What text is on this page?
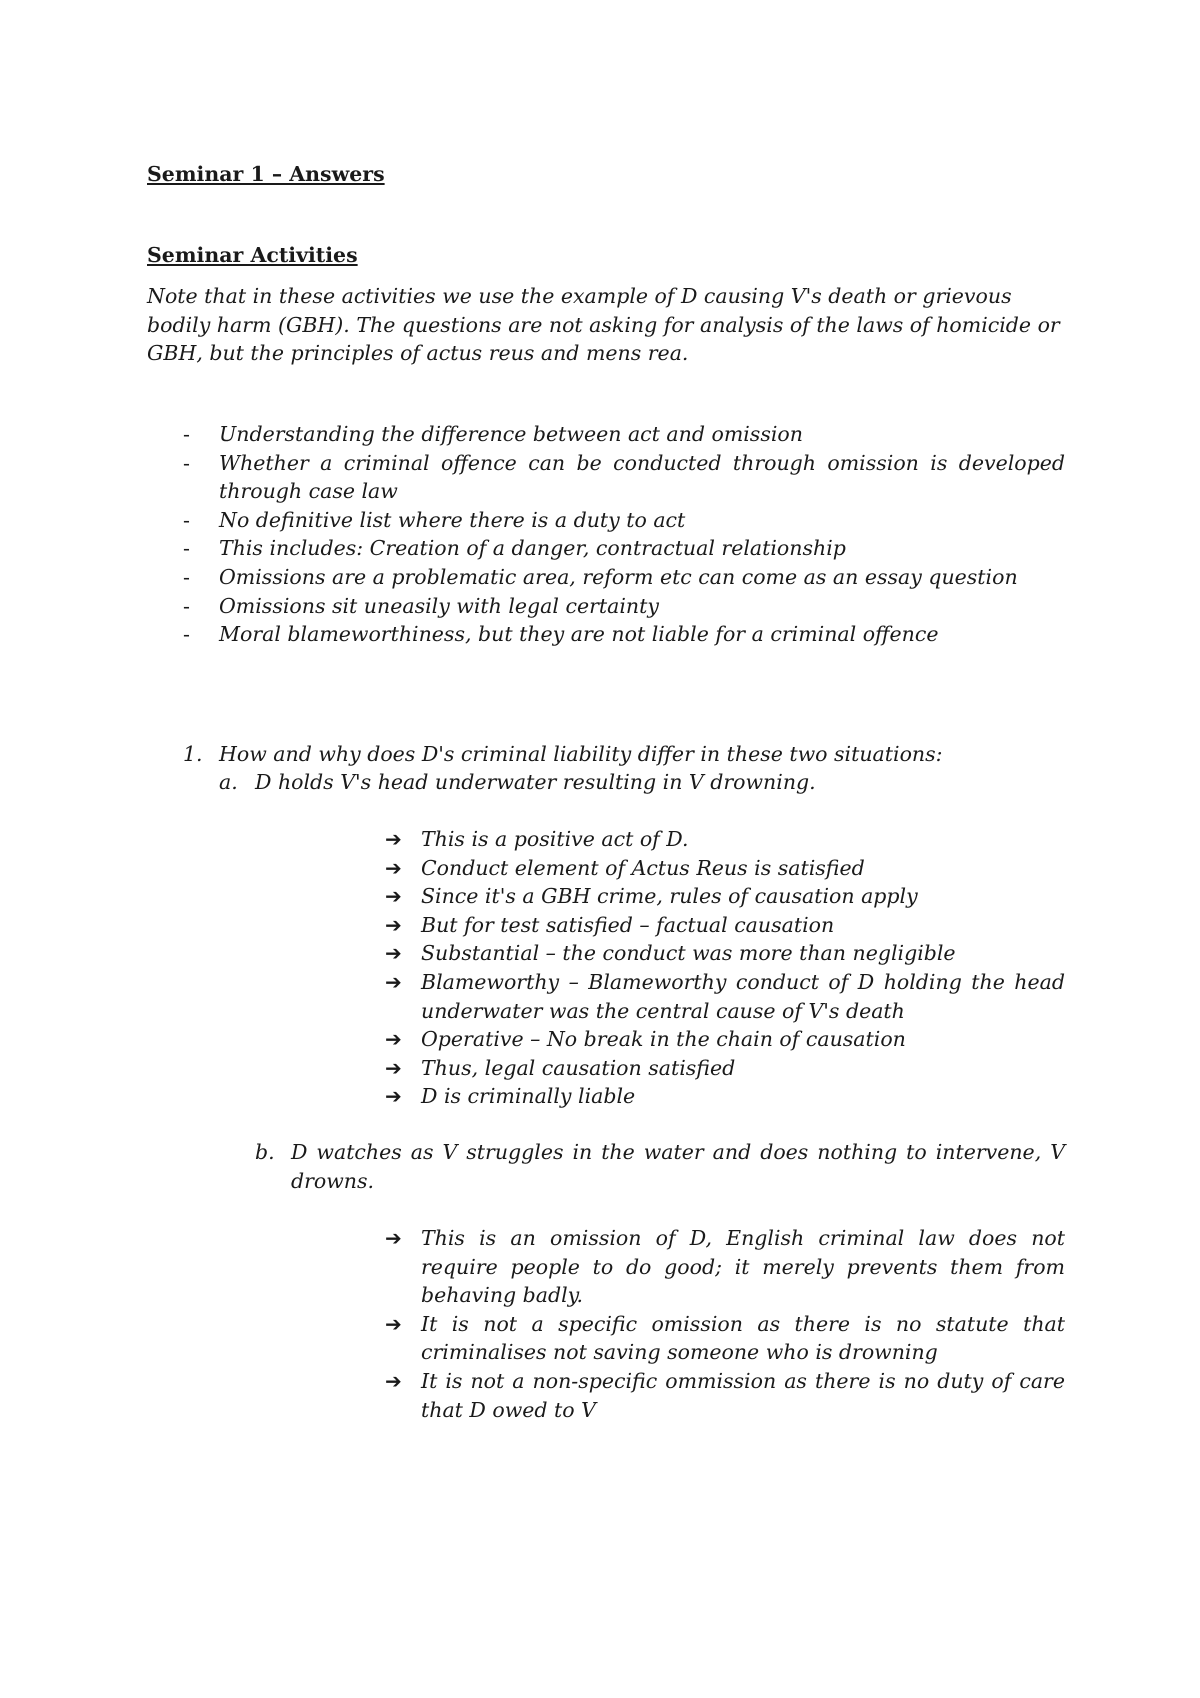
Seminar 1 – Answers
Seminar Activities
Note that in these activities we use the example of D causing V's death or grievous bodily harm (GBH). The questions are not asking for analysis of the laws of homicide or GBH, but the principles of actus reus and mens rea.
- Understanding the difference between act and omission
- Whether a criminal offence can be conducted through omission is developed through case law
- No definitive list where there is a duty to act
- This includes: Creation of a danger, contractual relationship
- Omissions are a problematic area, reform etc can come as an essay question
- Omissions sit uneasily with legal certainty
- Moral blameworthiness, but they are not liable for a criminal offence
1. How and why does D's criminal liability differ in these two situations:
a. D holds V's head underwater resulting in V drowning.
➔ This is a positive act of D.
➔ Conduct element of Actus Reus is satisfied
➔ Since it's a GBH crime, rules of causation apply
➔ But for test satisfied – factual causation
➔ Substantial – the conduct was more than negligible
➔ Blameworthy – Blameworthy conduct of D holding the head underwater was the central cause of V's death
➔ Operative – No break in the chain of causation
➔ Thus, legal causation satisfied
➔ D is criminally liable
b. D watches as V struggles in the water and does nothing to intervene, V drowns.
➔ This is an omission of D, English criminal law does not require people to do good; it merely prevents them from behaving badly.
➔ It is not a specific omission as there is no statute that criminalises not saving someone who is drowning
➔ It is not a non-specific ommission as there is no duty of care that D owed to V
